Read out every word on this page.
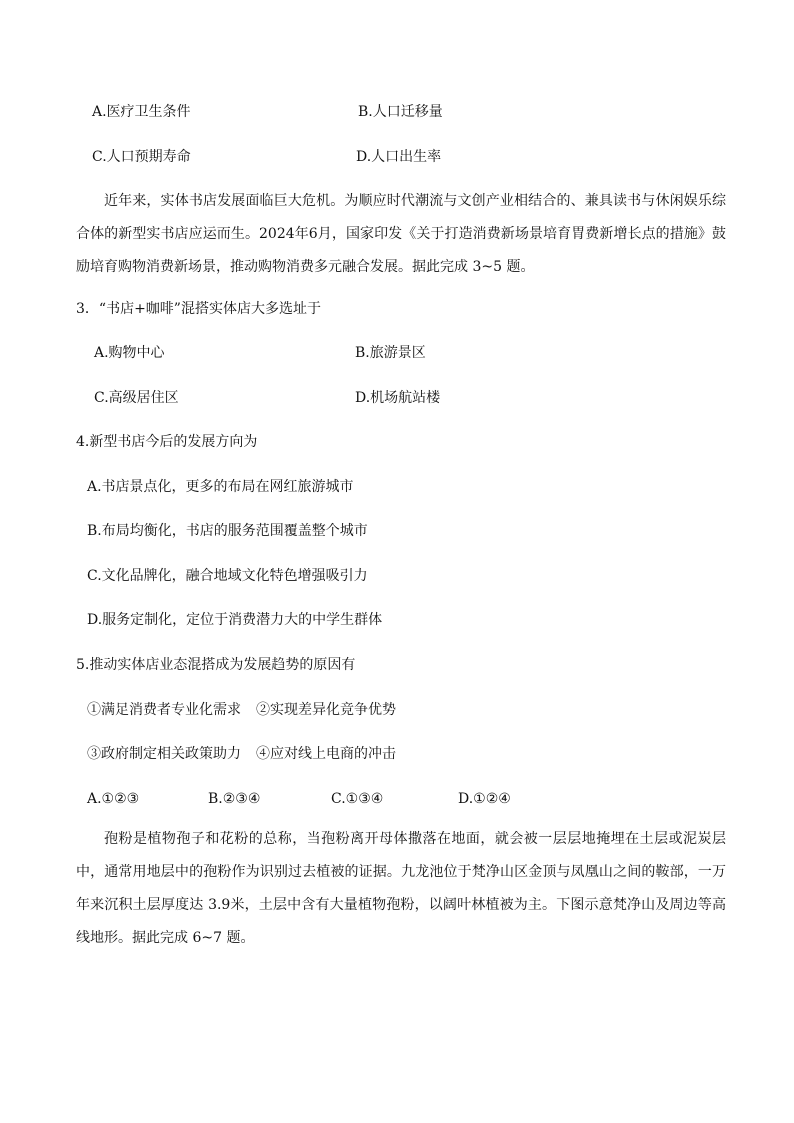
A.医疗卫生条件	B.人口迁移量
C.人口预期寿命	D.人口出生率
近年来，实体书店发展面临巨大危机。为顺应时代潮流与文创产业相结合的、兼具读书与休闲娱乐综合体的新型实书店应运而生。2024年6月，国家印发《关于打造消费新场景培育胃费新增长点的措施》鼓励培育购物消费新场景，推动购物消费多元融合发展。据此完成 3~5 题。
3．“书店+咖啡”混搭实体店大多选址于
A.购物中心	B.旅游景区
C.高级居住区	D.机场航站楼
4.新型书店今后的发展方向为
A.书店景点化，更多的布局在网红旅游城市
B.布局均衡化，书店的服务范围覆盖整个城市
C.文化品牌化，融合地域文化特色增强吸引力
D.服务定制化，定位于消费潜力大的中学生群体
5.推动实体店业态混搭成为发展趋势的原因有
①满足消费者专业化需求 ②实现差异化竞争优势
③政府制定相关政策助力 ④应对线上电商的冲击
A.①②③	B.②③④	C.①③④	D.①②④
孢粉是植物孢子和花粉的总称，当孢粉离开母体撒落在地面，就会被一层层地掩埋在土层或泥炭层中，通常用地层中的孢粉作为识别过去植被的证据。九龙池位于梵净山区金顶与凤凰山之间的鞍部，一万年来沉积土层厚度达 3.9米，土层中含有大量植物孢粉，以阔叶林植被为主。下图示意梵净山及周边等高线地形。据此完成 6~7 题。
